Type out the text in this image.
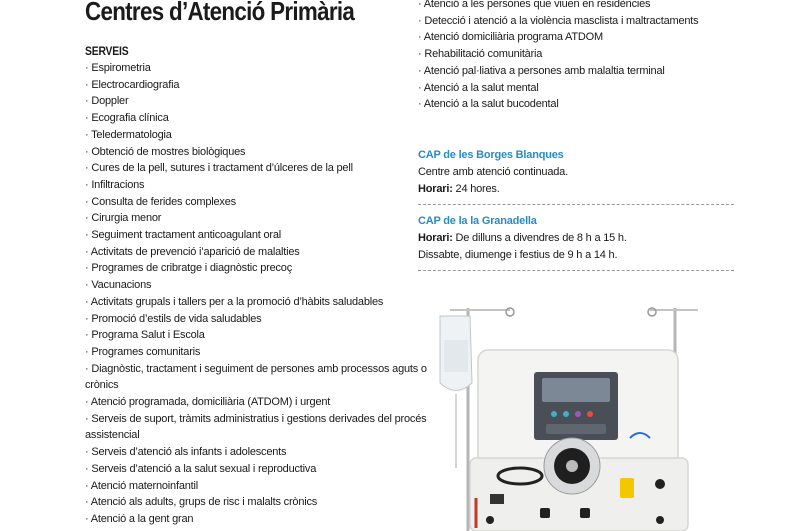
Centres d’Atenció Primària
SERVEIS
· Espirometria
· Electrocardiografia
· Doppler
· Ecografia clínica
· Teledermatologia
· Obtenció de mostres biològiques
· Cures de la pell, sutures i tractament d’úlceres de la pell
· Infiltracions
· Consulta de ferides complexes
· Cirurgia menor
· Seguiment tractament anticoagulant oral
· Activitats de prevenció i’aparició de malalties
· Programes de cribratge i diagnòstic precoç
· Vacunacions
· Activitats grupals i tallers per a la promoció d’hàbits saludables
· Promoció d’estils de vida saludables
· Programa Salut i Escola
· Programes comunitaris
· Diagnòstic, tractament i seguiment de persones amb processos aguts o crònics
· Atenció programada, domiciliària (ATDOM) i urgent
· Serveis de suport, tràmits administratius i gestions derivades del procés assistencial
· Serveis d’atenció als infants i adolescents
· Serveis d’atenció a la salut sexual i reproductiva
· Atenció maternoinfantil
· Atenció als adults, grups de risc i malalts crònics
· Atenció a la gent gran
· Atenció a les persones que viuen en residències
· Detecció i atenció a la violència masclista i maltractaments
· Atenció domiciliària programa ATDOM
· Rehabilitació comunitària
· Atenció pal·liativa a persones amb malaltia terminal
· Atenció a la salut mental
· Atenció a la salut bucodental
CAP de les Borges Blanques
Centre amb atenció continuada.
Horari: 24 hores.
CAP de la la Granadella
Horari: De dilluns a divendres de 8 h a 15 h.
Dissabte, diumenge i festius de 9 h a 14 h.
